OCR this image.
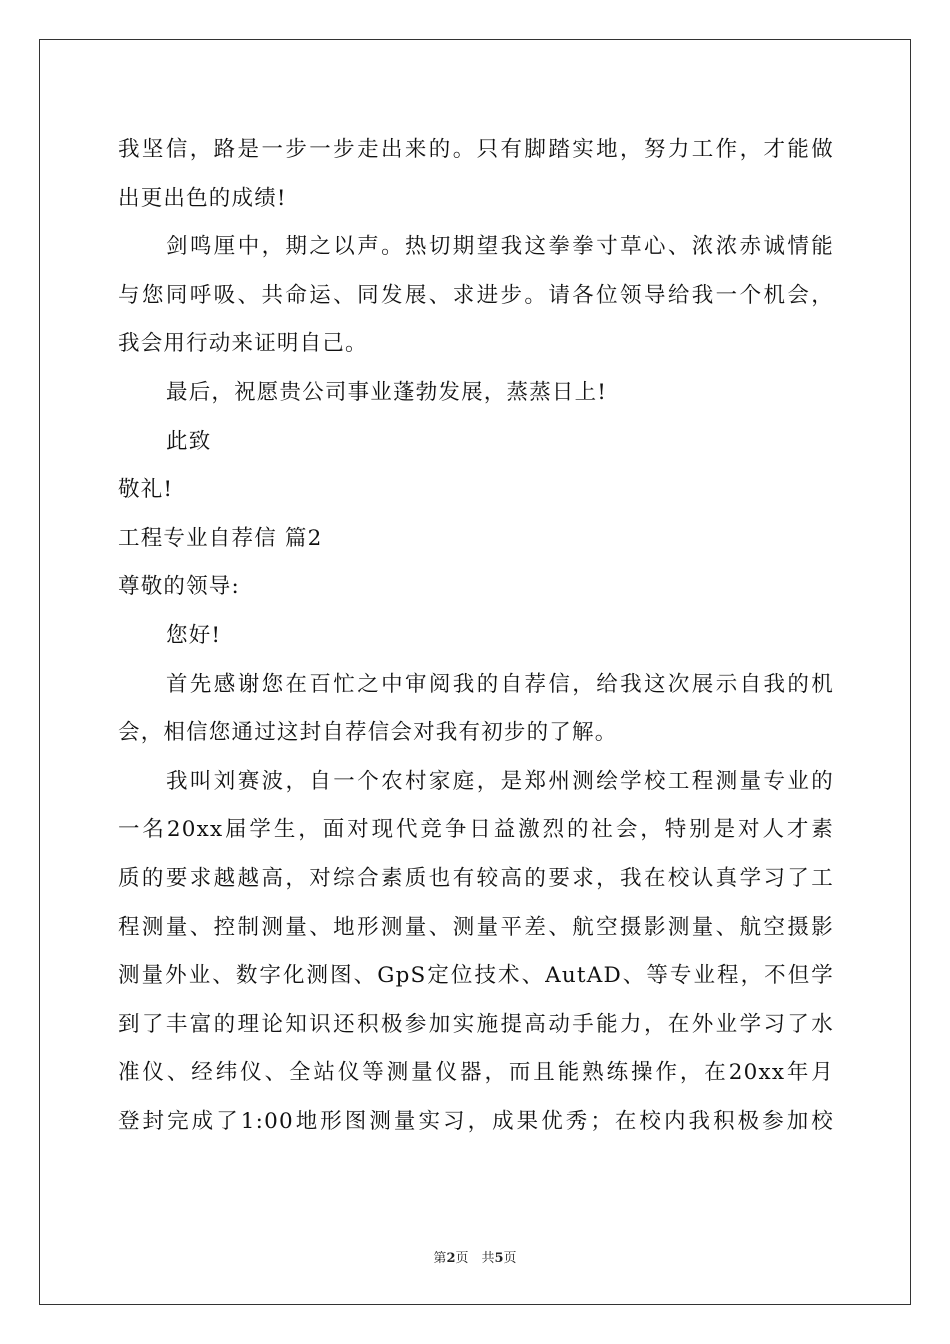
我坚信，路是一步一步走出来的。只有脚踏实地，努力工作，才能做
出更出色的成绩!
剑鸣厘中，期之以声。热切期望我这拳拳寸草心、浓浓赤诚情能
与您同呼吸、共命运、同发展、求进步。请各位领导给我一个机会，
我会用行动来证明自己。
最后，祝愿贵公司事业蓬勃发展，蒸蒸日上!
此致
敬礼!
工程专业自荐信 篇2
尊敬的领导:
您好!
首先感谢您在百忙之中审阅我的自荐信，给我这次展示自我的机
会，相信您通过这封自荐信会对我有初步的了解。
我叫刘赛波，自一个农村家庭，是郑州测绘学校工程测量专业的
一名20xx届学生，面对现代竞争日益激烈的社会，特别是对人才素
质的要求越越高，对综合素质也有较高的要求，我在校认真学习了工
程测量、控制测量、地形测量、测量平差、航空摄影测量、航空摄影
测量外业、数字化测图、GpS定位技术、AutAD、等专业程，不但学
到了丰富的理论知识还积极参加实施提高动手能力，在外业学习了水
准仪、经纬仪、全站仪等测量仪器，而且能熟练操作，在20xx年月
登封完成了1:00地形图测量实习，成果优秀；在校内我积极参加校
第2页　共5页
